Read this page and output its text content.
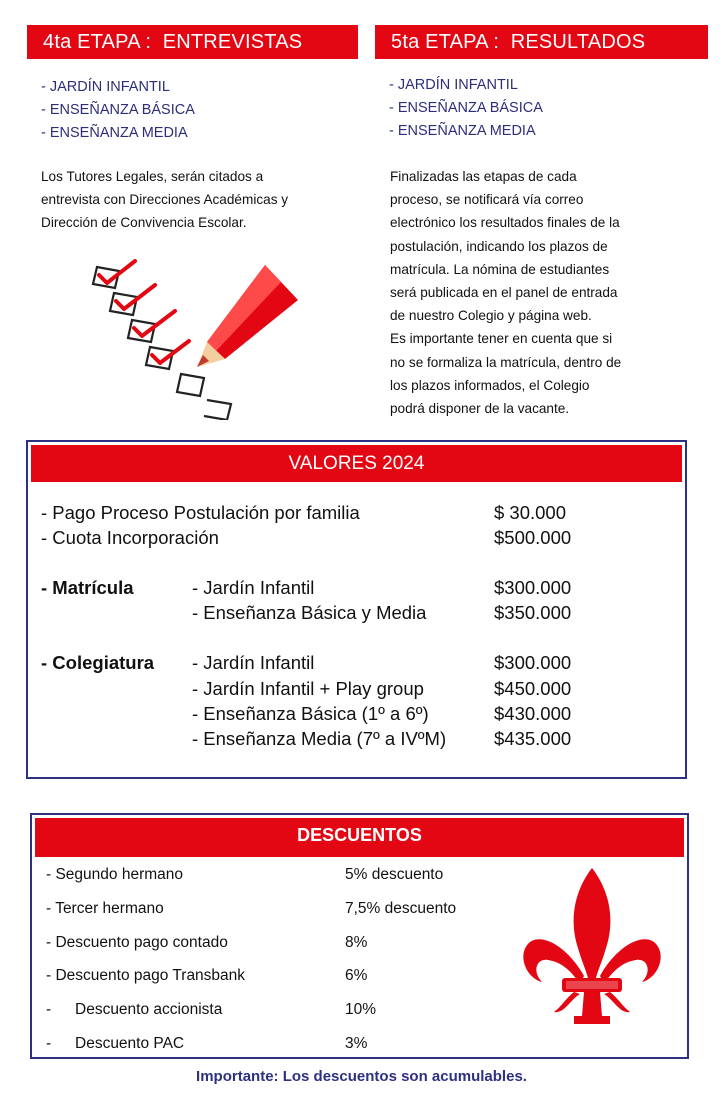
4ta ETAPA :  ENTREVISTAS
- JARDÍN INFANTIL
- ENSEÑANZA BÁSICA
- ENSEÑANZA MEDIA
Los Tutores Legales, serán citados a
entrevista con Direcciones Académicas y
Dirección de Convivencia Escolar.
5ta ETAPA :  RESULTADOS
- JARDÍN INFANTIL
- ENSEÑANZA BÁSICA
- ENSEÑANZA MEDIA
Finalizadas las etapas de cada
proceso, se notificará vía correo
electrónico los resultados finales de la
postulación, indicando los plazos de
matrícula. La nómina de estudiantes
será publicada en el panel de entrada
de nuestro Colegio y página web.
Es importante tener en cuenta que si
no se formaliza la matrícula, dentro de
los plazos informados, el Colegio
podrá disponer de la vacante.
VALORES 2024
- Pago Proceso Postulación por familia	$ 30.000
- Cuota Incorporación	$500.000
- Matrícula	- Jardín Infantil	$300.000
- Enseñanza Básica y Media	$350.000
- Colegiatura - Jardín Infantil	$300.000
- Jardín Infantil + Play group	$450.000
- Enseñanza Básica (1º a 6º)	$430.000
- Enseñanza Media (7º a IVºM)	$435.000
DESCUENTOS
- Segundo hermano	5% descuento
- Tercer hermano	7,5% descuento
- Descuento pago contado	8%
- Descuento pago Transbank	6%
- Descuento accionista	10%
- Descuento PAC	3%
Importante: Los descuentos son acumulables.
